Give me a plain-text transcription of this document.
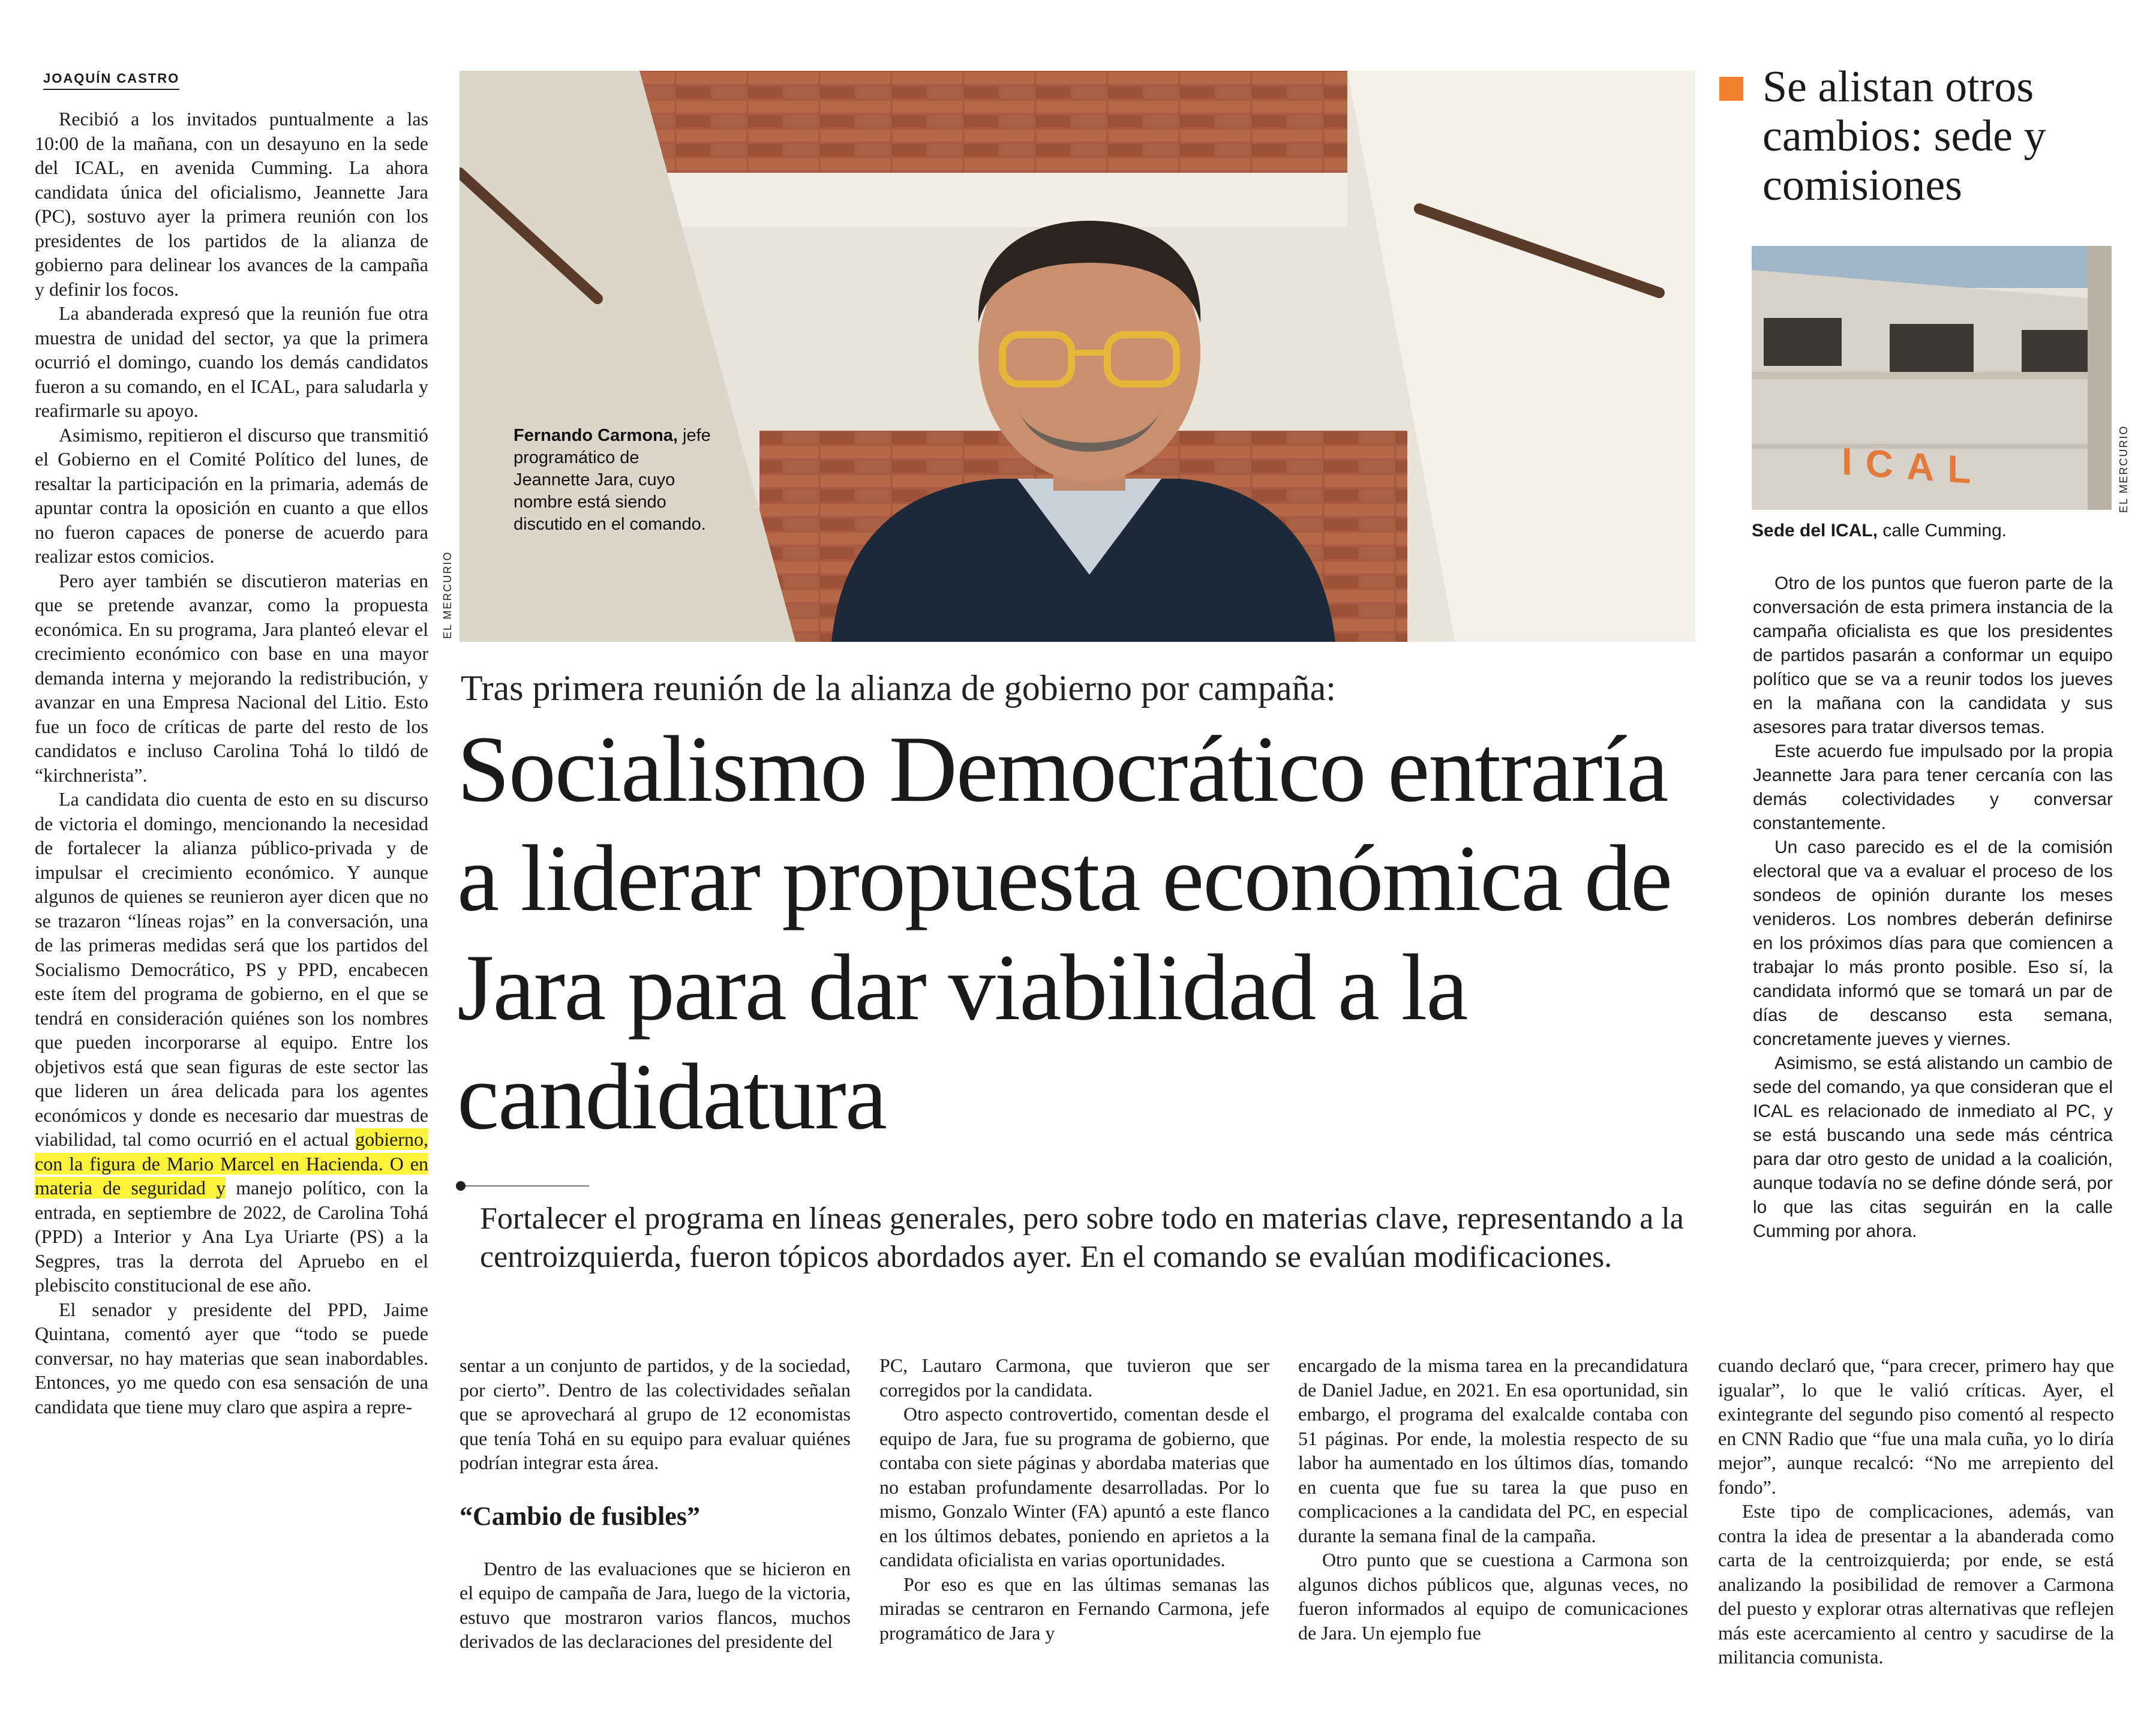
JOAQUÍN CASTRO

Recibió a los invitados puntualmente a las 10:00 de la mañana, con un desayuno en la sede del ICAL, en avenida Cumming. La ahora candidata única del oficialismo, Jeannette Jara (PC), sostuvo ayer la primera reunión con los presidentes de los partidos de la alianza de gobierno para delinear los avances de la campaña y definir los focos.

La abanderada expresó que la reunión fue otra muestra de unidad del sector, ya que la primera ocurrió el domingo, cuando los demás candidatos fueron a su comando, en el ICAL, para saludarla y reafirmarle su apoyo.

Asimismo, repitieron el discurso que transmitió el Gobierno en el Comité Político del lunes, de resaltar la participación en la primaria, además de apuntar contra la oposición en cuanto a que ellos no fueron capaces de ponerse de acuerdo para realizar estos comicios.

Pero ayer también se discutieron materias en que se pretende avanzar, como la propuesta económica. En su programa, Jara planteó elevar el crecimiento económico con base en una mayor demanda interna y mejorando la redistribución, y avanzar en una Empresa Nacional del Litio. Esto fue un foco de críticas de parte del resto de los candidatos e incluso Carolina Tohá lo tildó de “kirchnerista”.

La candidata dio cuenta de esto en su discurso de victoria el domingo, mencionando la necesidad de fortalecer la alianza público-privada y de impulsar el crecimiento económico. Y aunque algunos de quienes se reunieron ayer dicen que no se trazaron “líneas rojas” en la conversación, una de las primeras medidas será que los partidos del Socialismo Democrático, PS y PPD, encabecen este ítem del programa de gobierno, en el que se tendrá en consideración quiénes son los nombres que pueden incorporarse al equipo. Entre los objetivos está que sean figuras de este sector las que lideren un área delicada para los agentes económicos y donde es necesario dar muestras de viabilidad, tal como ocurrió en el actual gobierno, con la figura de Mario Marcel en Hacienda. O en materia de seguridad y manejo político, con la entrada, en septiembre de 2022, de Carolina Tohá (PPD) a Interior y Ana Lya Uriarte (PS) a la Segpres, tras la derrota del Apruebo en el plebiscito constitucional de ese año.

El senador y presidente del PPD, Jaime Quintana, comentó ayer que “todo se puede conversar, no hay materias que sean inabordables. Entonces, yo me quedo con esa sensación de una candidata que tiene muy claro que aspira a repre-

Fernando Carmona, jefe programático de Jeannette Jara, cuyo nombre está siendo discutido en el comando.
EL MERCURIO
Tras primera reunión de la alianza de gobierno por campaña:
Socialismo Democrático entraría a liderar propuesta económica de Jara para dar viabilidad a la candidatura
Fortalecer el programa en líneas generales, pero sobre todo en materias clave, representando a la centroizquierda, fueron tópicos abordados ayer. En el comando se evalúan modificaciones.

sentar a un conjunto de partidos, y de la sociedad, por cierto”. Dentro de las colectividades señalan que se aprovechará al grupo de 12 economistas que tenía Tohá en su equipo para evaluar quiénes podrían integrar esta área.

“Cambio de fusibles”

Dentro de las evaluaciones que se hicieron en el equipo de campaña de Jara, luego de la victoria, estuvo que mostraron varios flancos, muchos derivados de las declaraciones del presidente del

PC, Lautaro Carmona, que tuvieron que ser corregidos por la candidata.

Otro aspecto controvertido, comentan desde el equipo de Jara, fue su programa de gobierno, que contaba con siete páginas y abordaba materias que no estaban profundamente desarrolladas. Por lo mismo, Gonzalo Winter (FA) apuntó a este flanco en los últimos debates, poniendo en aprietos a la candidata oficialista en varias oportunidades.

Por eso es que en las últimas semanas las miradas se centraron en Fernando Carmona, jefe programático de Jara y

encargado de la misma tarea en la precandidatura de Daniel Jadue, en 2021. En esa oportunidad, sin embargo, el programa del exalcalde contaba con 51 páginas. Por ende, la molestia respecto de su labor ha aumentado en los últimos días, tomando en cuenta que fue su tarea la que puso en complicaciones a la candidata del PC, en especial durante la semana final de la campaña.

Otro punto que se cuestiona a Carmona son algunos dichos públicos que, algunas veces, no fueron informados al equipo de comunicaciones de Jara. Un ejemplo fue

cuando declaró que, “para crecer, primero hay que igualar”, lo que le valió críticas. Ayer, el exintegrante del segundo piso comentó al respecto en CNN Radio que “fue una mala cuña, yo lo diría mejor”, aunque recalcó: “No me arrepiento del fondo”.

Este tipo de complicaciones, además, van contra la idea de presentar a la abanderada como carta de la centroizquierda; por ende, se está analizando la posibilidad de remover a Carmona del puesto y explorar otras alternativas que reflejen más este acercamiento al centro y sacudirse de la militancia comunista.

Se alistan otros cambios: sede y comisiones
ICAL	EL MERCURIO
Sede del ICAL, calle Cumming.

Otro de los puntos que fueron parte de la conversación de esta primera instancia de la campaña oficialista es que los presidentes de partidos pasarán a conformar un equipo político que se va a reunir todos los jueves en la mañana con la candidata y sus asesores para tratar diversos temas.

Este acuerdo fue impulsado por la propia Jeannette Jara para tener cercanía con las demás colectividades y conversar constantemente.

Un caso parecido es el de la comisión electoral que va a evaluar el proceso de los sondeos de opinión durante los meses venideros. Los nombres deberán definirse en los próximos días para que comiencen a trabajar lo más pronto posible. Eso sí, la candidata informó que se tomará un par de días de descanso esta semana, concretamente jueves y viernes.

Asimismo, se está alistando un cambio de sede del comando, ya que consideran que el ICAL es relacionado de inmediato al PC, y se está buscando una sede más céntrica para dar otro gesto de unidad a la coalición, aunque todavía no se define dónde será, por lo que las citas seguirán en la calle Cumming por ahora.
